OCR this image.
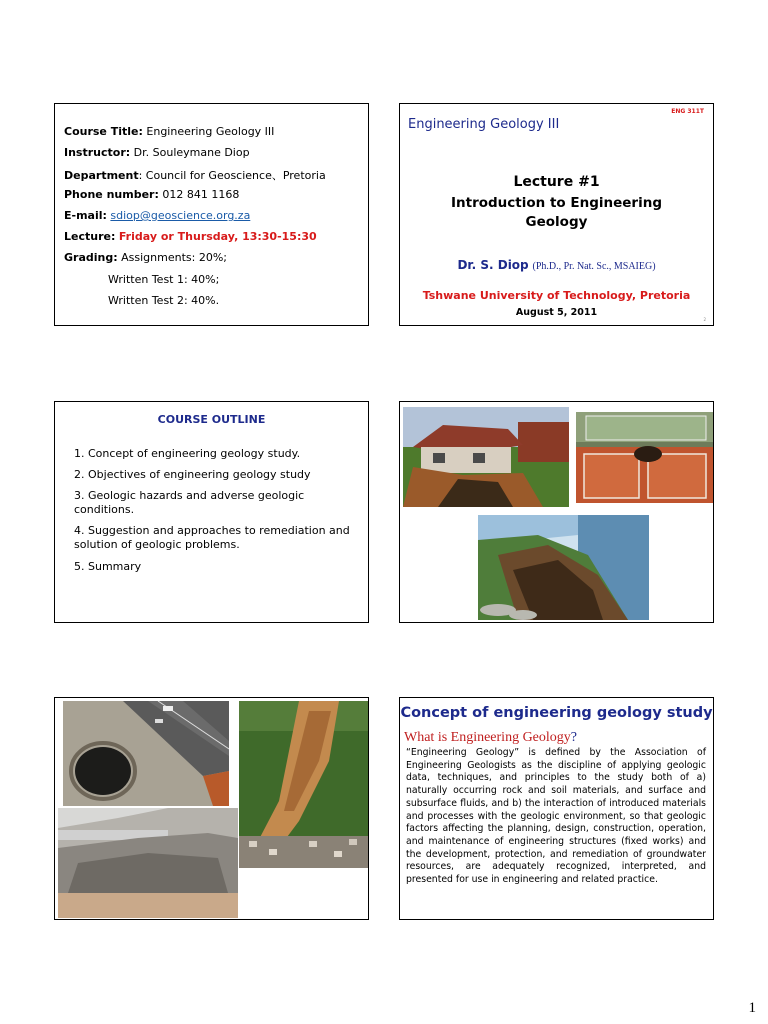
Course Title: Engineering Geology III
Instructor: Dr. Souleymane Diop
Department: Council for Geoscience、Pretoria
Phone number: 012 841 1168
E-mail: sdiop@geoscience.org.za
Lecture: Friday or Thursday, 13:30-15:30
Grading: Assignments: 20%;
Written Test 1: 40%;
Written Test 2: 40%.
ENG 311T
Engineering Geology III
Lecture #1
Introduction to Engineering
Geology
Dr. S. Diop (Ph.D., Pr. Nat. Sc., MSAIEG)
Tshwane University of Technology, Pretoria
August 5, 2011
2
COURSE OUTLINE
1. Concept of engineering geology study.
2. Objectives of engineering geology study
3. Geologic hazards and adverse geologic conditions.
4. Suggestion and approaches to remediation and solution of geologic problems.
5. Summary
Concept of engineering geology study
What is Engineering Geology?
“Engineering Geology” is defined by the Association of Engineering Geologists as the discipline of applying geologic data, techniques, and principles to the study both of a) naturally occurring rock and soil materials, and surface and subsurface fluids, and b) the interaction of introduced materials and processes with the geologic environment, so that geologic factors affecting the planning, design, construction, operation, and maintenance of engineering structures (fixed works) and the development, protection, and remediation of groundwater resources, are adequately recognized, interpreted, and presented for use in engineering and related practice.
1
